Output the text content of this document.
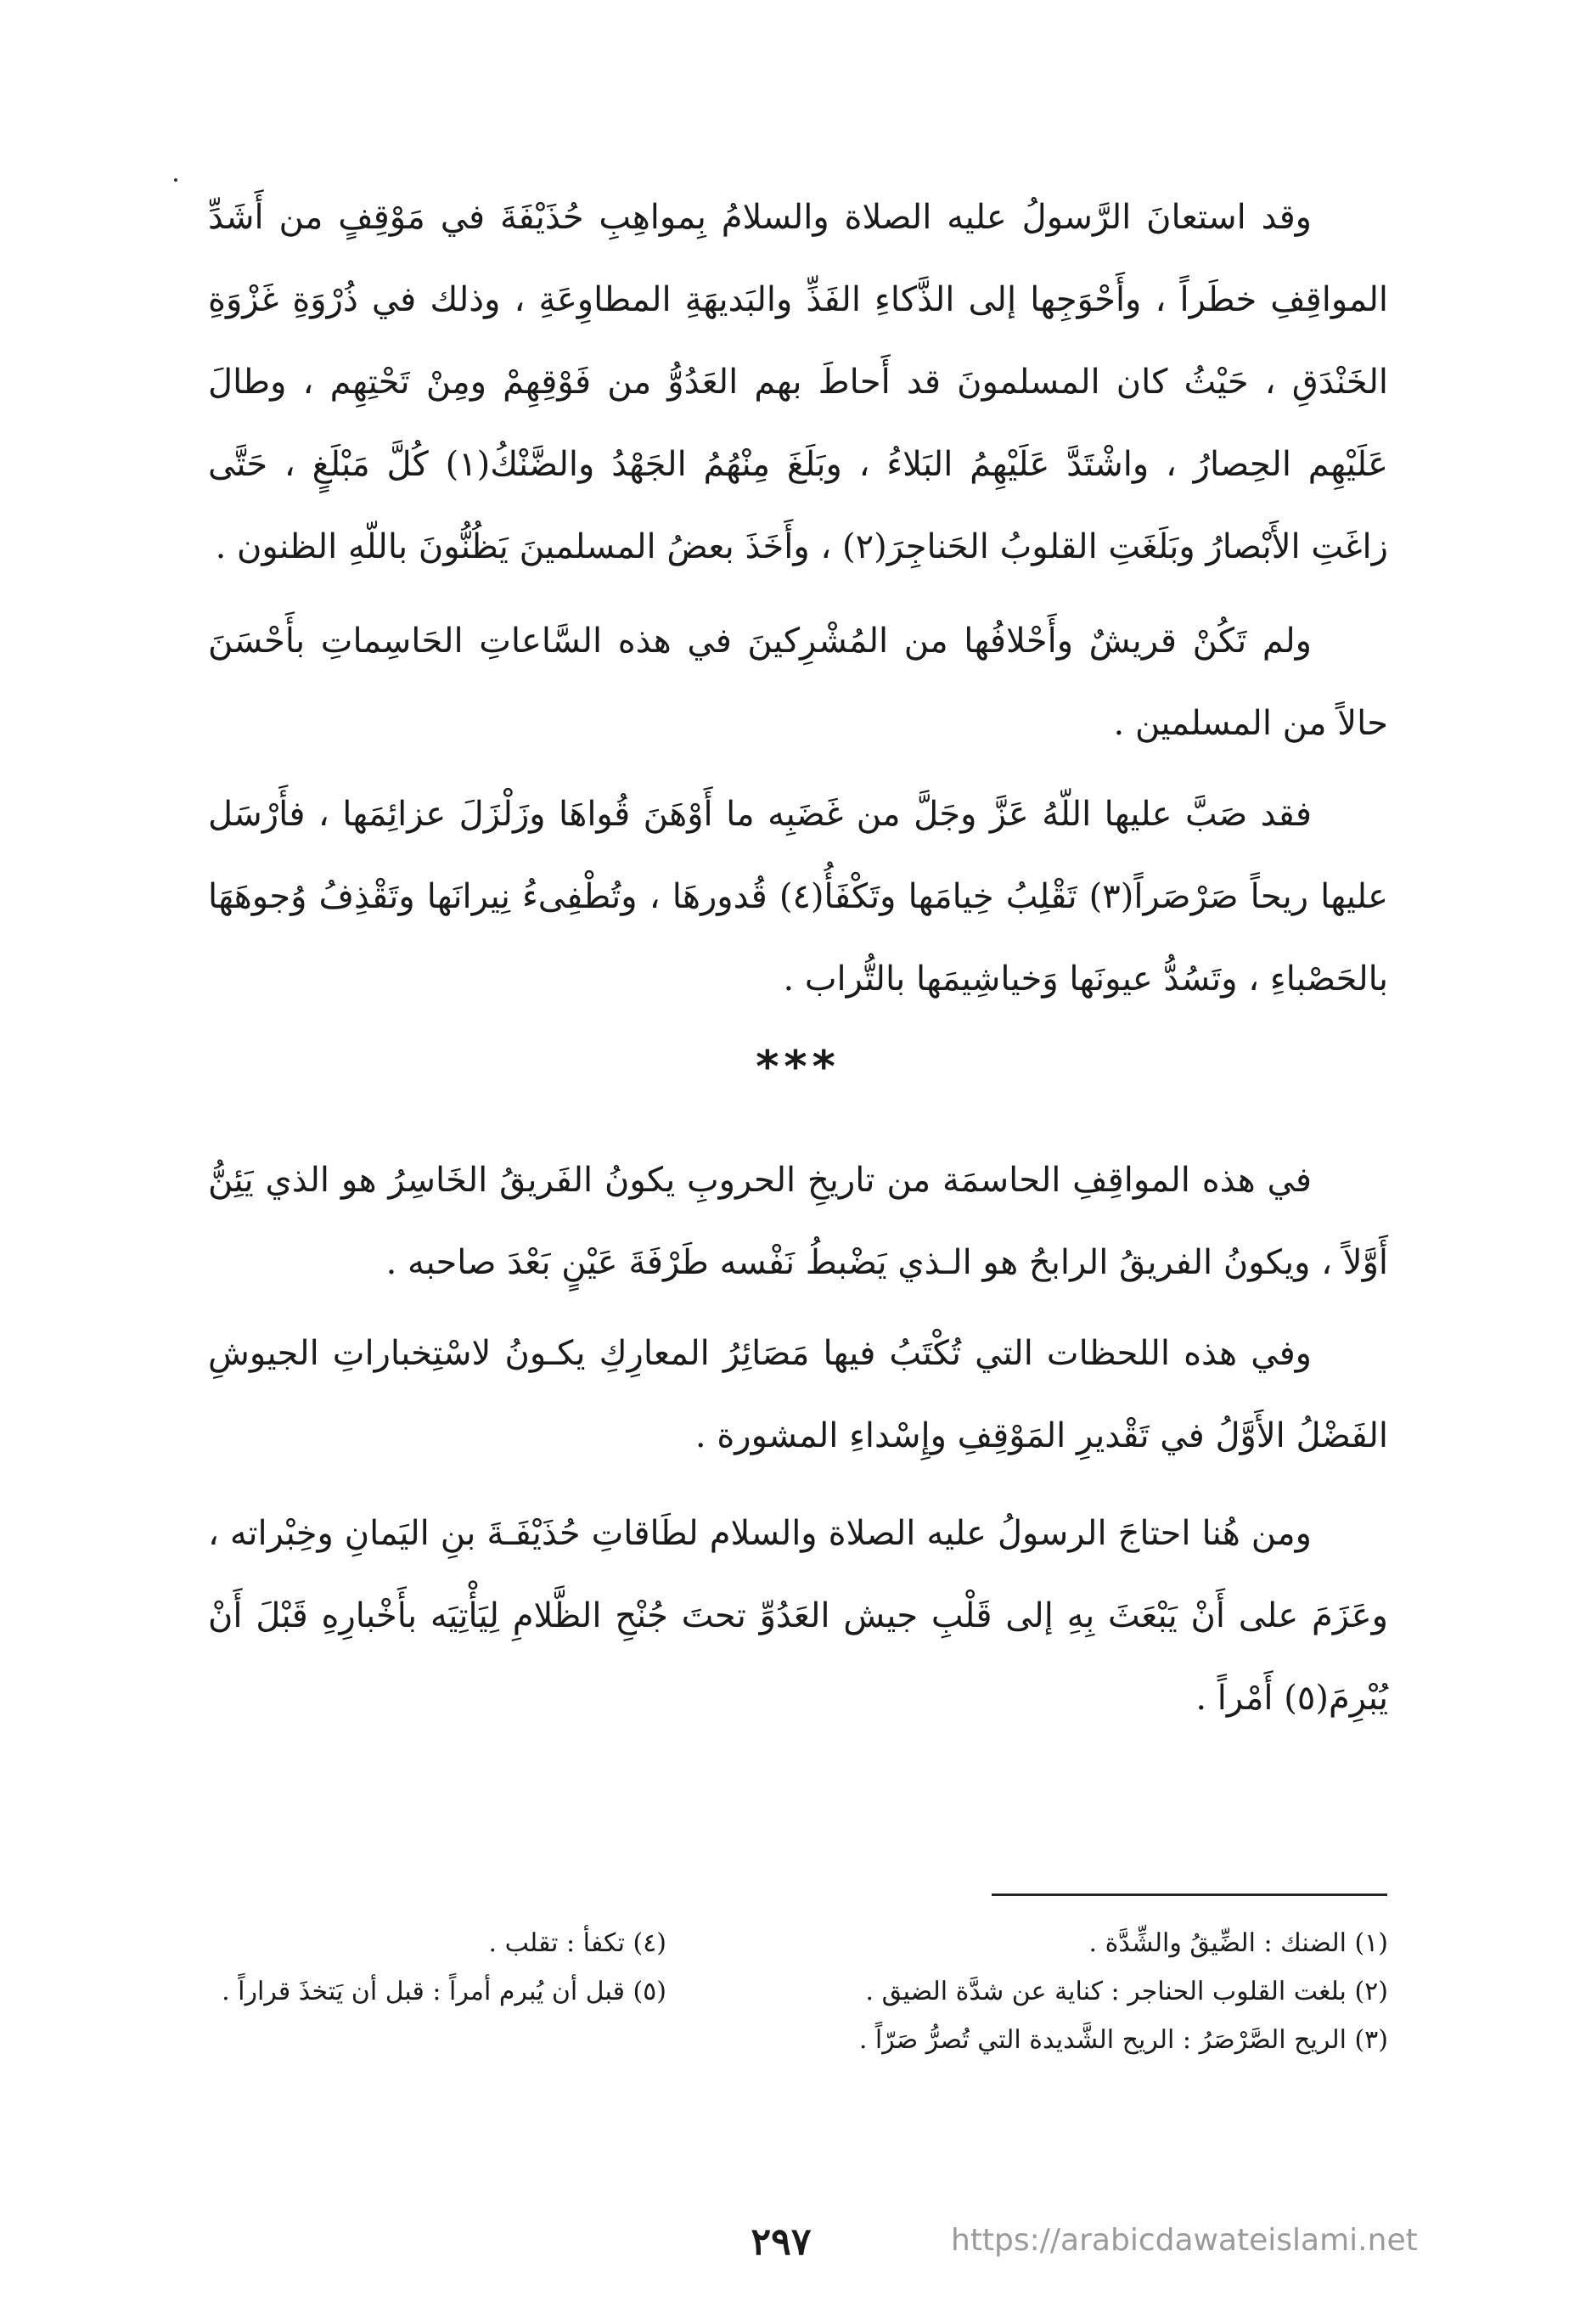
وقد استعانَ الرَّسولُ عليه الصلاة والسلامُ بِمواهِبِ حُذَيْفَةَ في مَوْقِفٍ من أَشَدِّ المواقِفِ خطَراً ، وأَحْوَجِها إلى الذَّكاءِ الفَذِّ والبَديهَةِ المطاوِعَةِ ، وذلك في ذُرْوَةِ غَزْوَةِ الخَنْدَقِ ، حَيْثُ كان المسلمونَ قد أَحاطَ بهم العَدُوُّ من فَوْقِهِمْ ومِنْ تَحْتِهِم ، وطالَ عَلَيْهِم الحِصارُ ، واشْتَدَّ عَلَيْهِمُ البَلاءُ ، وبَلَغَ مِنْهُمُ الجَهْدُ والضَّنْكُ(١) كُلَّ مَبْلَغٍ ، حَتَّى زاغَتِ الأَبْصارُ وبَلَغَتِ القلوبُ الحَناجِرَ(٢) ، وأَخَذَ بعضُ المسلمينَ يَظُنُّونَ باللّهِ الظنون .

ولم تَكُنْ قريشٌ وأَحْلافُها من المُشْرِكينَ في هذه السَّاعاتِ الحَاسِماتِ بأَحْسَنَ حالاً من المسلمين .

فقد صَبَّ عليها اللّهُ عَزَّ وجَلَّ من غَضَبِه ما أَوْهَنَ قُواهَا وزَلْزَلَ عزائِمَها ، فأَرْسَل عليها ريحاً صَرْصَراً(٣) تَقْلِبُ خِيامَها وتَكْفَأُ(٤) قُدورهَا ، وتُطْفِىءُ نِيرانَها وتَقْذِفُ وُجوهَهَا بالحَصْباءِ ، وتَسُدُّ عيونَها وَخياشِيمَها بالتُّراب .

***

في هذه المواقِفِ الحاسمَة من تاريخِ الحروبِ يكونُ الفَريقُ الخَاسِرُ هو الذي يَئِنُّ أَوَّلاً ، ويكونُ الفريقُ الرابحُ هو الـذي يَضْبطُ نَفْسه طَرْفَةَ عَيْنٍ بَعْدَ صاحبه .

وفي هذه اللحظات التي تُكْتَبُ فيها مَصَائِرُ المعارِكِ يكـونُ لاسْتِخباراتِ الجيوشِ الفَضْلُ الأَوَّلُ في تَقْديرِ المَوْقِفِ وإِسْداءِ المشورة .

ومن هُنا احتاجَ الرسولُ عليه الصلاة والسلام لطَاقاتِ حُذَيْفَـةَ بنِ اليَمانِ وخِبْراته ، وعَزَمَ على أَنْ يَبْعَثَ بِهِ إلى قَلْبِ جيش العَدُوِّ تحتَ جُنْحِ الظَّلامِ لِيَأْتِيَه بأَخْبارِهِ قَبْلَ أَنْ يُبْرِمَ(٥) أَمْراً .

(١) الضنك : الضِّيقُ والشِّدَّة .
(٢) بلغت القلوب الحناجر : كناية عن شدَّة الضيق .
(٣) الريح الصَّرْصَرُ : الريح الشَّديدة التي تُصرُّ صَرّاً .
(٤) تكفأ : تقلب .
(٥) قبل أن يُبرم أمراً : قبل أن يَتخذَ قراراً .
٢٩٧	https://arabicdawateislami.net
